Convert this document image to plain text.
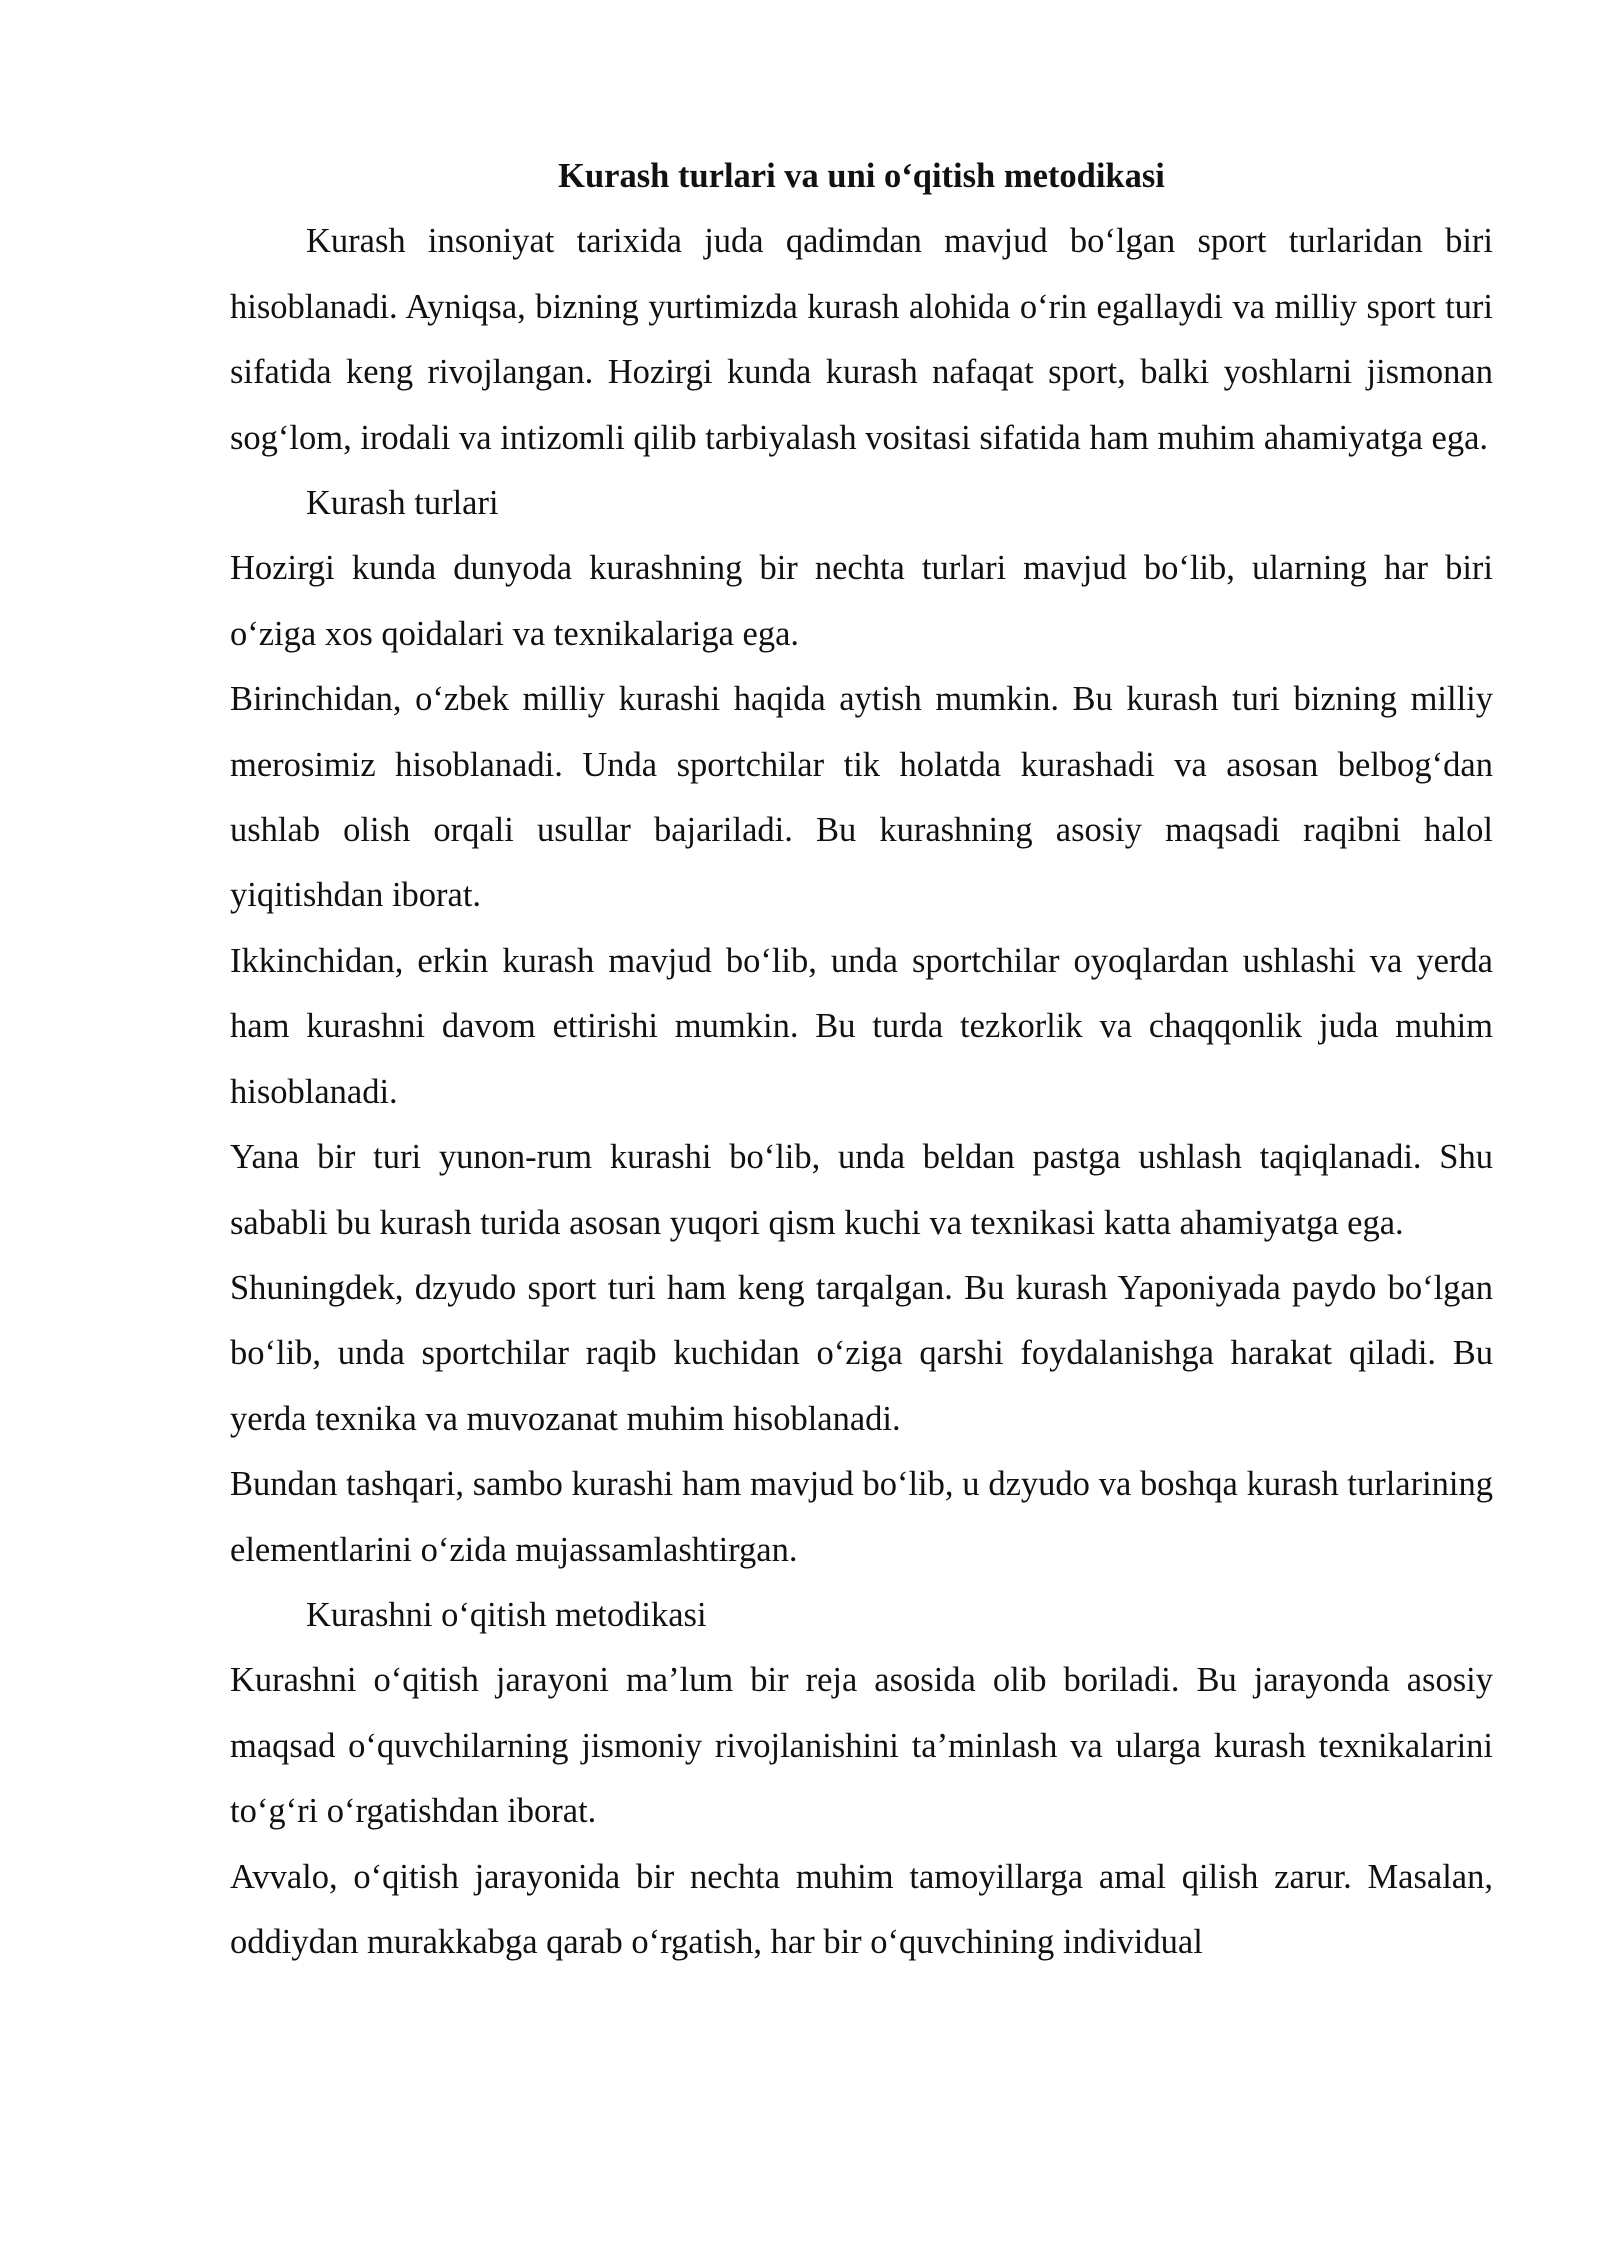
Kurash turlari va uni o‘qitish metodikasi

Kurash insoniyat tarixida juda qadimdan mavjud bo‘lgan sport turlaridan biri hisoblanadi. Ayniqsa, bizning yurtimizda kurash alohida o‘rin egallaydi va milliy sport turi sifatida keng rivojlangan. Hozirgi kunda kurash nafaqat sport, balki yoshlarni jismonan sog‘lom, irodali va intizomli qilib tarbiyalash vositasi sifatida ham muhim ahamiyatga ega.

Kurash turlari

Hozirgi kunda dunyoda kurashning bir nechta turlari mavjud bo‘lib, ularning har biri o‘ziga xos qoidalari va texnikalariga ega.

Birinchidan, o‘zbek milliy kurashi haqida aytish mumkin. Bu kurash turi bizning milliy merosimiz hisoblanadi. Unda sportchilar tik holatda kurashadi va asosan belbog‘dan ushlab olish orqali usullar bajariladi. Bu kurashning asosiy maqsadi raqibni halol yiqitishdan iborat.

Ikkinchidan, erkin kurash mavjud bo‘lib, unda sportchilar oyoqlardan ushlashi va yerda ham kurashni davom ettirishi mumkin. Bu turda tezkorlik va chaqqonlik juda muhim hisoblanadi.

Yana bir turi yunon-rum kurashi bo‘lib, unda beldan pastga ushlash taqiqlanadi. Shu sababli bu kurash turida asosan yuqori qism kuchi va texnikasi katta ahamiyatga ega.

Shuningdek, dzyudo sport turi ham keng tarqalgan. Bu kurash Yaponiyada paydo bo‘lgan bo‘lib, unda sportchilar raqib kuchidan o‘ziga qarshi foydalanishga harakat qiladi. Bu yerda texnika va muvozanat muhim hisoblanadi.

Bundan tashqari, sambo kurashi ham mavjud bo‘lib, u dzyudo va boshqa kurash turlarining elementlarini o‘zida mujassamlashtirgan.

Kurashni o‘qitish metodikasi

Kurashni o‘qitish jarayoni ma’lum bir reja asosida olib boriladi. Bu jarayonda asosiy maqsad o‘quvchilarning jismoniy rivojlanishini ta’minlash va ularga kurash texnikalarini to‘g‘ri o‘rgatishdan iborat.

Avvalo, o‘qitish jarayonida bir nechta muhim tamoyillarga amal qilish zarur. Masalan, oddiydan murakkabga qarab o‘rgatish, har bir o‘quvchining individual
